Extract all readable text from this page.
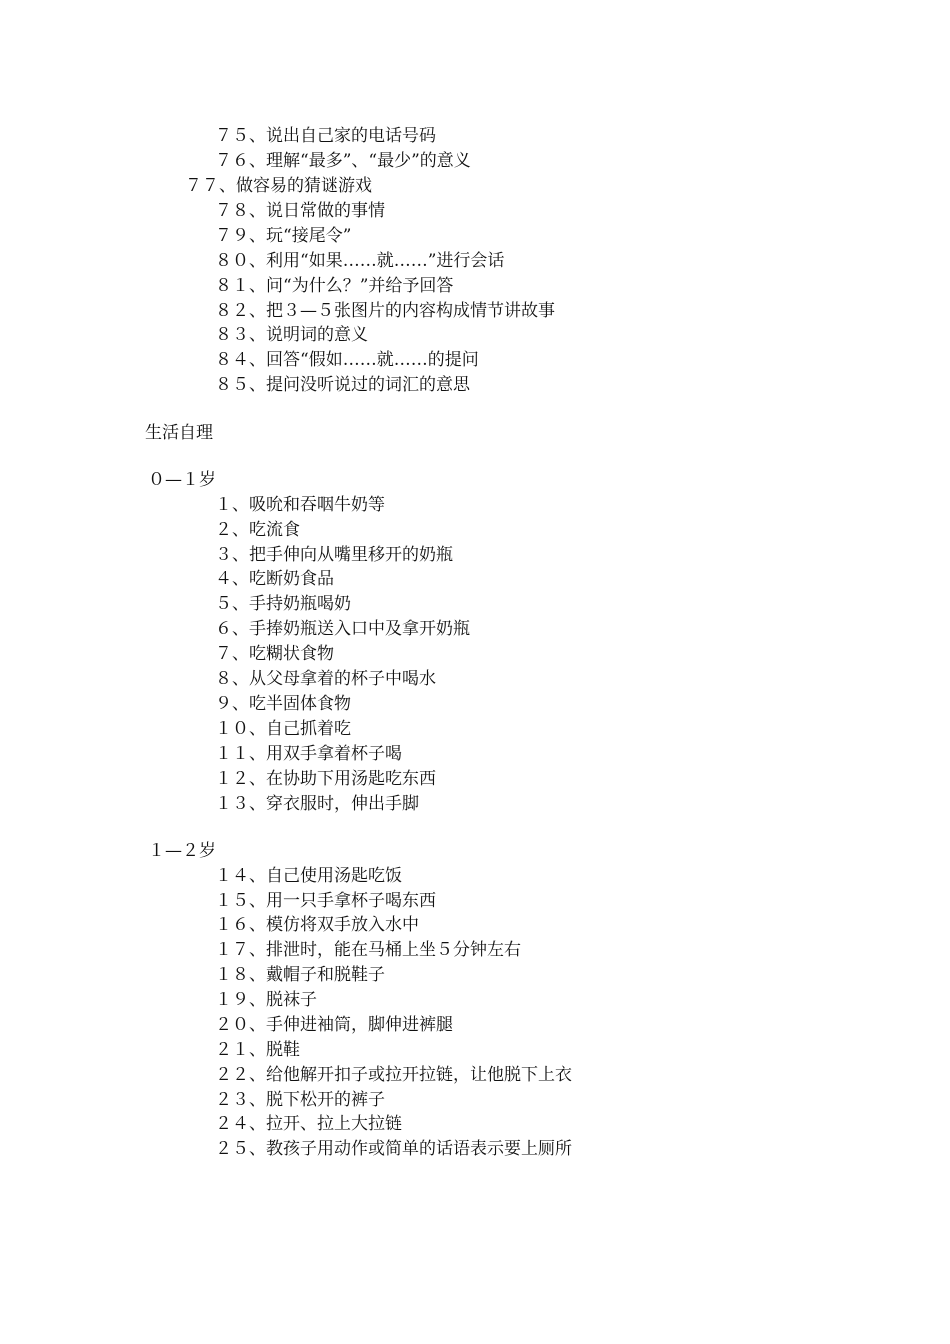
７５、说出自己家的电话号码
７６、理解“最多”、“最少”的意义
７７、做容易的猜谜游戏
７８、说日常做的事情
７９、玩“接尾令”
８０、利用“如果……就……”进行会话
８１、问“为什么？”并给予回答
８２、把３—５张图片的内容构成情节讲故事
８３、说明词的意义
８４、回答“假如……就……的提问
８５、提问没听说过的词汇的意思
生活自理
０—１岁
１、吸吮和吞咽牛奶等
２、吃流食
３、把手伸向从嘴里移开的奶瓶
４、吃断奶食品
５、手持奶瓶喝奶
６、手捧奶瓶送入口中及拿开奶瓶
７、吃糊状食物
８、从父母拿着的杯子中喝水
９、吃半固体食物
１０、自己抓着吃
１１、用双手拿着杯子喝
１２、在协助下用汤匙吃东西
１３、穿衣服时，伸出手脚
１—２岁
１４、自己使用汤匙吃饭
１５、用一只手拿杯子喝东西
１６、模仿将双手放入水中
１７、排泄时，能在马桶上坐５分钟左右
１８、戴帽子和脱鞋子
１９、脱袜子
２０、手伸进袖筒，脚伸进裤腿
２１、脱鞋
２２、给他解开扣子或拉开拉链，让他脱下上衣
２３、脱下松开的裤子
２４、拉开、拉上大拉链
２５、教孩子用动作或简单的话语表示要上厕所
